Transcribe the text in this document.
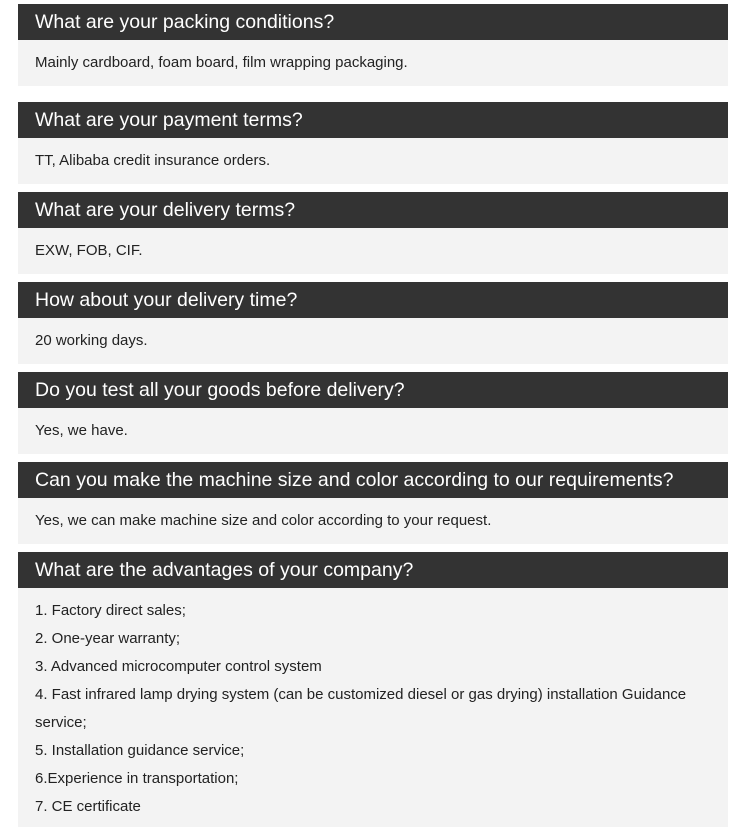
What are your packing conditions?
Mainly cardboard, foam board, film wrapping packaging.
What are your payment terms?
TT, Alibaba credit insurance orders.
What are your delivery terms?
EXW, FOB, CIF.
How about your delivery time?
20 working days.
Do you test all your goods before delivery?
Yes, we have.
Can you make the machine size and color according to our requirements?
Yes, we can make machine size and color according to your request.
What are the advantages of your company?
1. Factory direct sales;
2. One-year warranty;
3. Advanced microcomputer control system
4. Fast infrared lamp drying system (can be customized diesel or gas drying) installation Guidance service;
5. Installation guidance service;
6.Experience in transportation;
7. CE certificate
